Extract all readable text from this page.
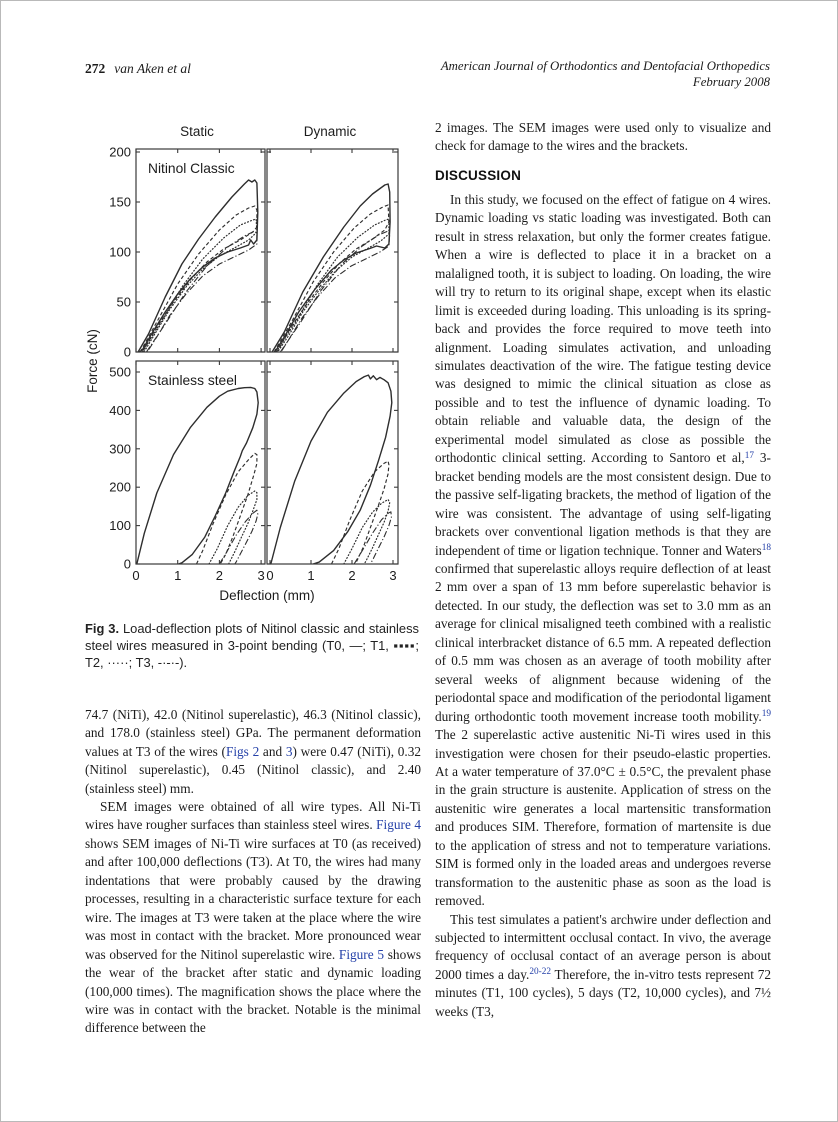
272 van Aken et al	American Journal of Orthodontics and Dentofacial Orthopedics
February 2008
Static	Dynamic
Force (cN)
Deflection (mm)
0
50
100
150
200
Nitinol Classic
0	1	2	3
0
100
200
300
400
500
Stainless steel
0	1	2	3
Fig 3. Load-deflection plots of Nitinol classic and stainless steel wires measured in 3-point bending (T0, —; T1, ▪▪▪▪; T2, ·····; T3, -·-·-).

74.7 (NiTi), 42.0 (Nitinol superelastic), 46.3 (Nitinol classic), and 178.0 (stainless steel) GPa. The permanent deformation values at T3 of the wires (Figs 2 and 3) were 0.47 (NiTi), 0.32 (Nitinol superelastic), 0.45 (Nitinol classic), and 2.40 (stainless steel) mm.

SEM images were obtained of all wire types. All Ni-Ti wires have rougher surfaces than stainless steel wires. Figure 4 shows SEM images of Ni-Ti wire surfaces at T0 (as received) and after 100,000 deflections (T3). At T0, the wires had many indentations that were probably caused by the drawing processes, resulting in a characteristic surface texture for each wire. The images at T3 were taken at the place where the wire was most in contact with the bracket. More pronounced wear was observed for the Nitinol superelastic wire. Figure 5 shows the wear of the bracket after static and dynamic loading (100,000 times). The magnification shows the place where the wire was in contact with the bracket. Notable is the minimal difference between the

2 images. The SEM images were used only to visualize and check for damage to the wires and the brackets.

DISCUSSION

In this study, we focused on the effect of fatigue on 4 wires. Dynamic loading vs static loading was investigated. Both can result in stress relaxation, but only the former creates fatigue. When a wire is deflected to place it in a bracket on a malaligned tooth, it is subject to loading. On loading, the wire will try to return to its original shape, except when its elastic limit is exceeded during loading. This unloading is its spring-back and provides the force required to move teeth into alignment. Loading simulates activation, and unloading simulates deactivation of the wire. The fatigue testing device was designed to mimic the clinical situation as close as possible and to test the influence of dynamic loading. To obtain reliable and valuable data, the design of the experimental model simulated as close as possible the orthodontic clinical setting. According to Santoro et al,$^{17}$ 3-bracket bending models are the most consistent design. Due to the passive self-ligating brackets, the method of ligation of the wire was consistent. The advantage of using self-ligating brackets over conventional ligation methods is that they are independent of time or ligation technique. Tonner and Waters$^{18}$ confirmed that superelastic alloys require deflection of at least 2 mm over a span of 13 mm before superelastic behavior is detected. In our study, the deflection was set to 3.0 mm as an average for clinical misaligned teeth combined with a realistic clinical interbracket distance of 6.5 mm. A repeated deflection of 0.5 mm was chosen as an average of tooth mobility after several weeks of alignment because widening of the periodontal space and modification of the periodontal ligament during orthodontic tooth movement increase tooth mobility.$^{19}$ The 2 superelastic active austenitic Ni-Ti wires used in this investigation were chosen for their pseudo-elastic properties. At a water temperature of 37.0°C ± 0.5°C, the prevalent phase in the grain structure is austenite. Application of stress on the austenitic wire generates a local martensitic transformation and produces SIM. Therefore, formation of martensite is due to the application of stress and not to temperature variations. SIM is formed only in the loaded areas and undergoes reverse transformation to the austenitic phase as soon as the load is removed.

This test simulates a patient's archwire under deflection and subjected to intermittent occlusal contact. In vivo, the average frequency of occlusal contact of an average person is about 2000 times a day.$^{20-22}$ Therefore, the in-vitro tests represent 72 minutes (T1, 100 cycles), 5 days (T2, 10,000 cycles), and 7½ weeks (T3,
